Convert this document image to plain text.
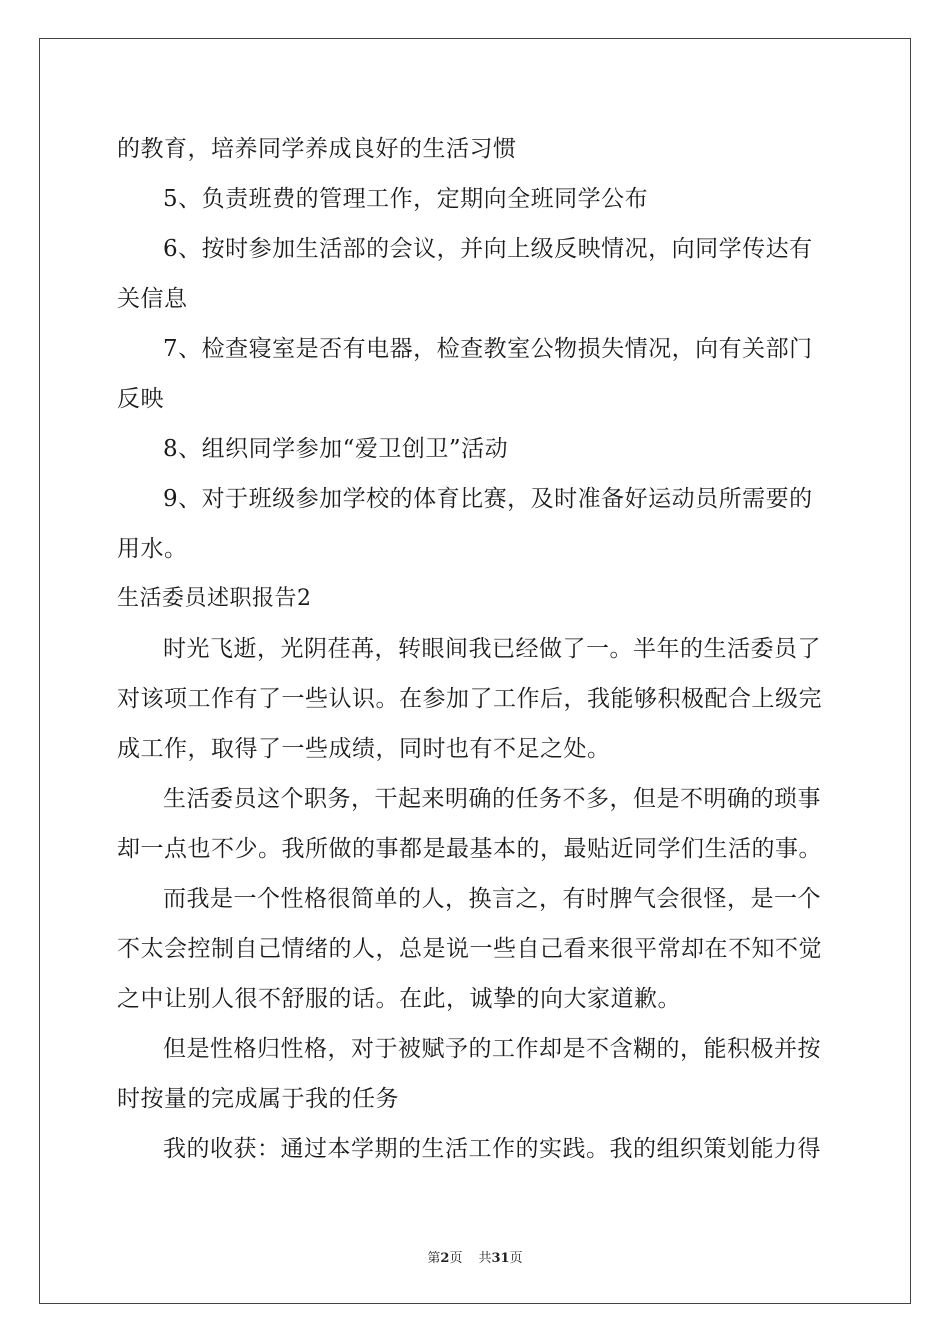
的教育，培养同学养成良好的生活习惯
5、负责班费的管理工作，定期向全班同学公布
6、按时参加生活部的会议，并向上级反映情况，向同学传达有
关信息
7、检查寝室是否有电器，检查教室公物损失情况，向有关部门
反映
8、组织同学参加“爱卫创卫”活动
9、对于班级参加学校的体育比赛，及时准备好运动员所需要的
用水。
生活委员述职报告2
时光飞逝，光阴荏苒，转眼间我已经做了一。半年的生活委员了
对该项工作有了一些认识。在参加了工作后，我能够积极配合上级完
成工作，取得了一些成绩，同时也有不足之处。
生活委员这个职务，干起来明确的任务不多，但是不明确的琐事
却一点也不少。我所做的事都是最基本的，最贴近同学们生活的事。
而我是一个性格很简单的人，换言之，有时脾气会很怪，是一个
不太会控制自己情绪的人，总是说一些自己看来很平常却在不知不觉
之中让别人很不舒服的话。在此，诚挚的向大家道歉。
但是性格归性格，对于被赋予的工作却是不含糊的，能积极并按
时按量的完成属于我的任务
我的收获：通过本学期的生活工作的实践。我的组织策划能力得
第2页 共31页
